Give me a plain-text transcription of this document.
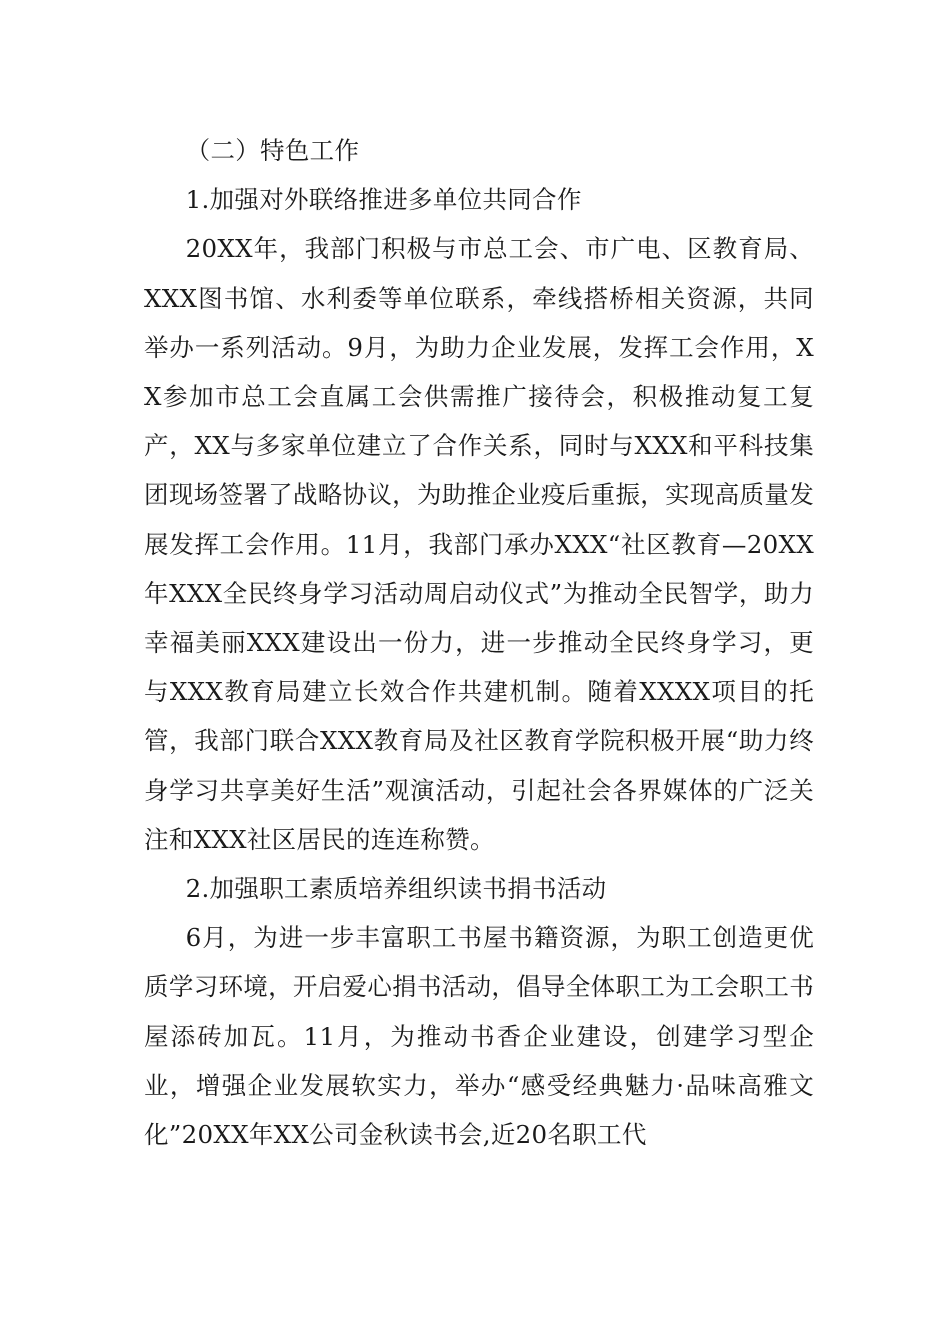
（二）特色工作

1.加强对外联络推进多单位共同合作

20XX年，我部门积极与市总工会、市广电、区教育局、XXX图书馆、水利委等单位联系，牵线搭桥相关资源，共同举办一系列活动。9月，为助力企业发展，发挥工会作用，XX参加市总工会直属工会供需推广接待会，积极推动复工复产，XX与多家单位建立了合作关系，同时与XXX和平科技集团现场签署了战略协议，为助推企业疫后重振，实现高质量发展发挥工会作用。11月，我部门承办XXX“社区教育—20XX年XXX全民终身学习活动周启动仪式”为推动全民智学，助力幸福美丽XXX建设出一份力，进一步推动全民终身学习，更与XXX教育局建立长效合作共建机制。随着XXXX项目的托管，我部门联合XXX教育局及社区教育学院积极开展“助力终身学习共享美好生活”观演活动，引起社会各界媒体的广泛关注和XXX社区居民的连连称赞。

2.加强职工素质培养组织读书捐书活动

6月，为进一步丰富职工书屋书籍资源，为职工创造更优质学习环境，开启爱心捐书活动，倡导全体职工为工会职工书屋添砖加瓦。11月，为推动书香企业建设，创建学习型企业，增强企业发展软实力，举办“感受经典魅力·品味高雅文化”20XX年XX公司金秋读书会,近20名职工代
